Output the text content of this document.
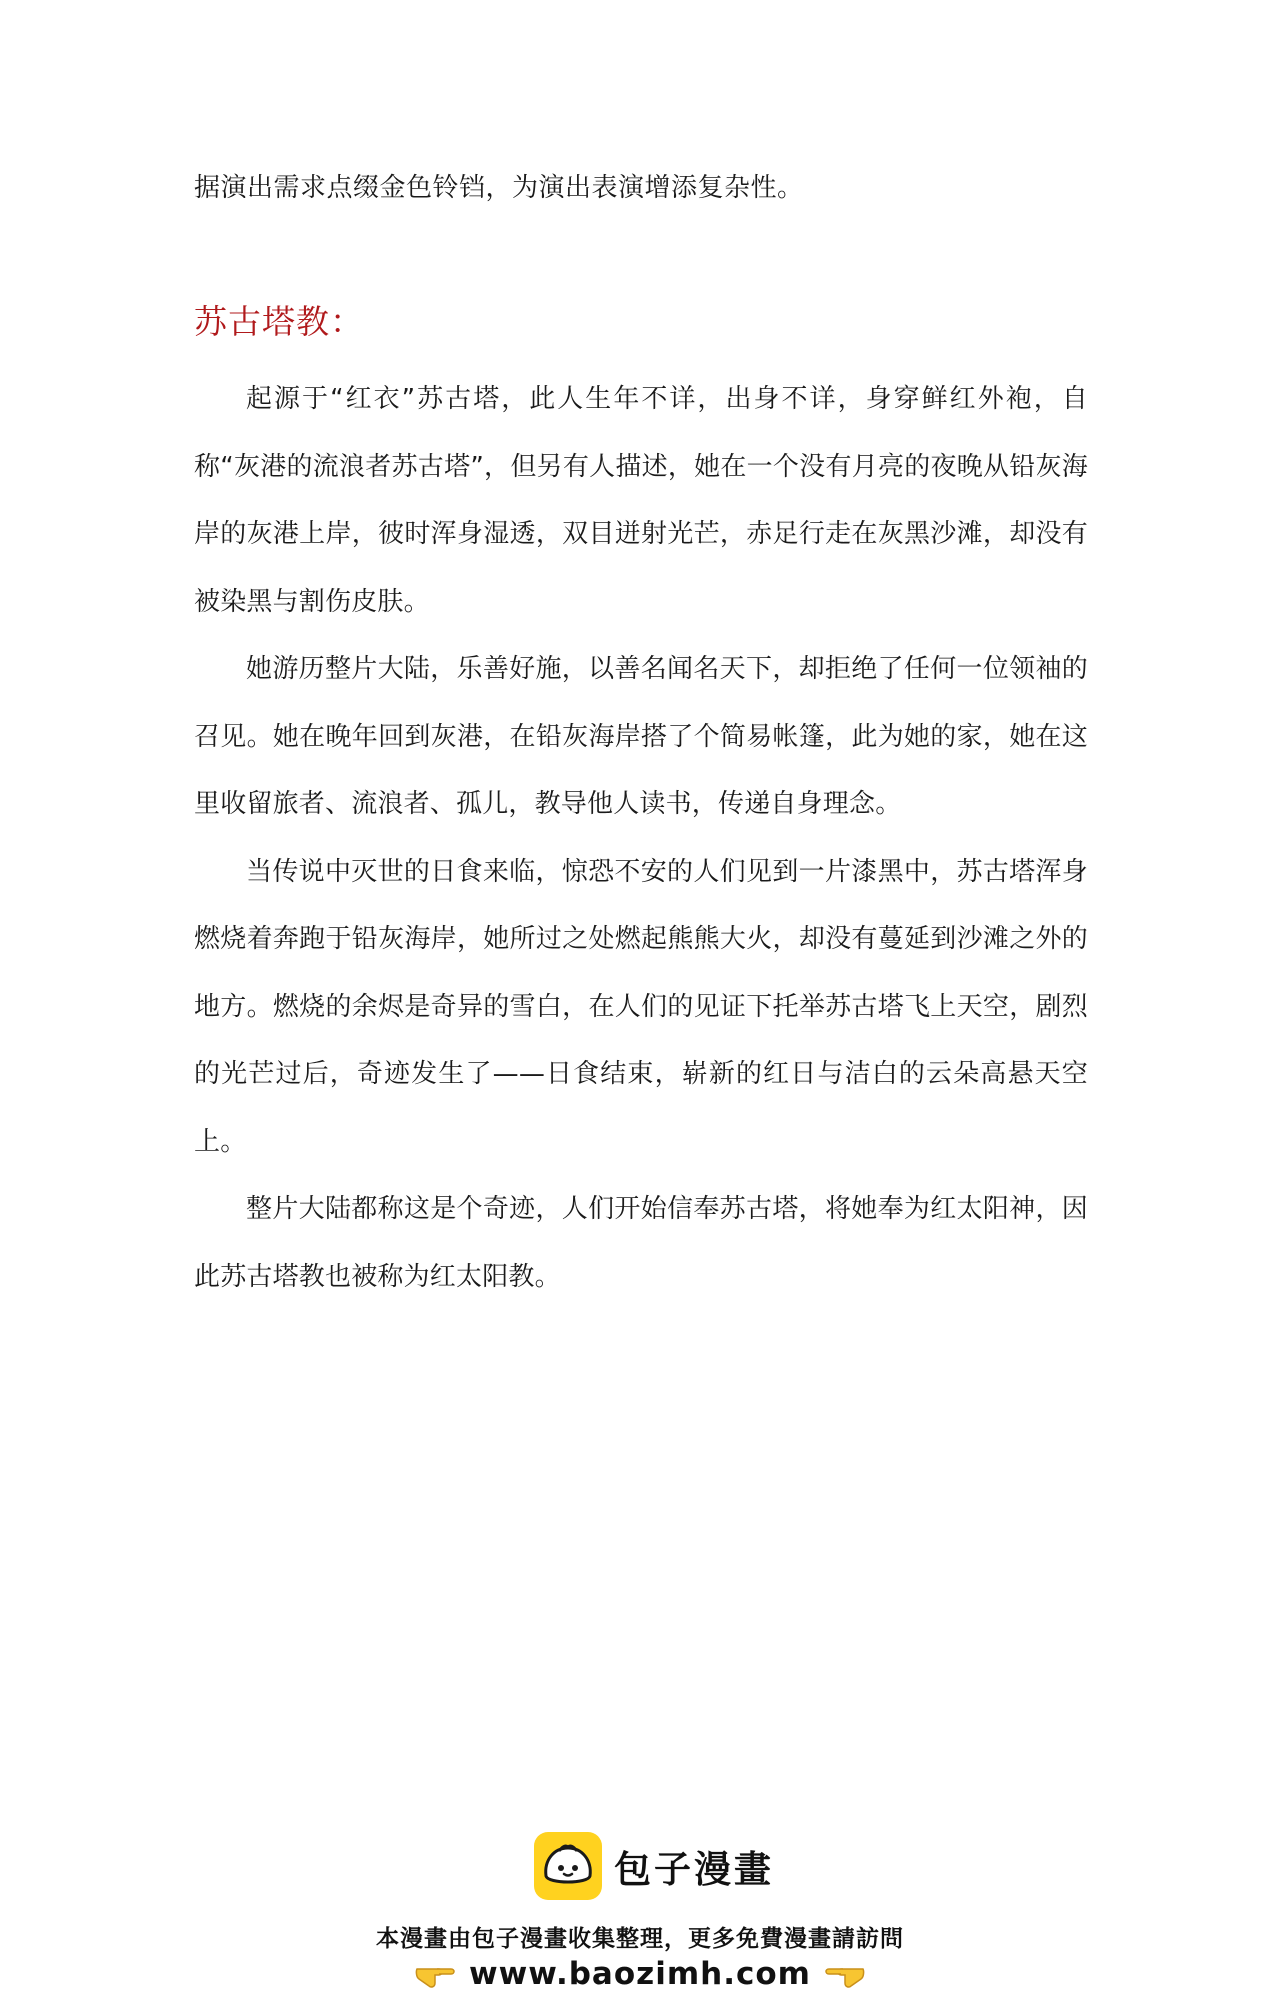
据演出需求点缀金色铃铛，为演出表演增添复杂性。
苏古塔教：

起源于“红衣”苏古塔，此人生年不详，出身不详，身穿鲜红外袍，自称“灰港的流浪者苏古塔”，但另有人描述，她在一个没有月亮的夜晚从铅灰海岸的灰港上岸，彼时浑身湿透，双目迸射光芒，赤足行走在灰黑沙滩，却没有被染黑与割伤皮肤。

她游历整片大陆，乐善好施，以善名闻名天下，却拒绝了任何一位领袖的召见。她在晚年回到灰港，在铅灰海岸搭了个简易帐篷，此为她的家，她在这里收留旅者、流浪者、孤儿，教导他人读书，传递自身理念。

当传说中灭世的日食来临，惊恐不安的人们见到一片漆黑中，苏古塔浑身燃烧着奔跑于铅灰海岸，她所过之处燃起熊熊大火，却没有蔓延到沙滩之外的地方。燃烧的余烬是奇异的雪白，在人们的见证下托举苏古塔飞上天空，剧烈的光芒过后，奇迹发生了——日食结束，崭新的红日与洁白的云朵高悬天空上。

整片大陆都称这是个奇迹，人们开始信奉苏古塔，将她奉为红太阳神，因此苏古塔教也被称为红太阳教。

包子漫畫
本漫畫由包子漫畫收集整理，更多免費漫畫請訪問
www.baozimh.com
